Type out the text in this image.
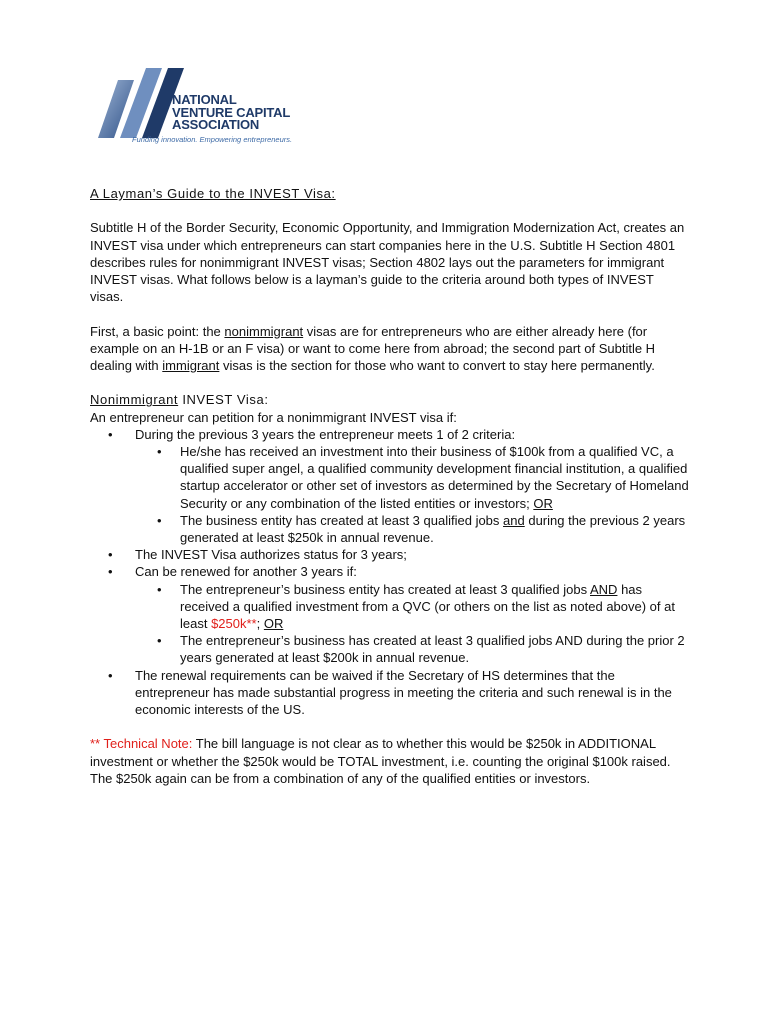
NATIONAL
VENTURE CAPITAL
ASSOCIATION
Funding innovation. Empowering entrepreneurs.

A Layman’s Guide to the INVEST Visa:

Subtitle H of the Border Security, Economic Opportunity, and Immigration Modernization Act, creates an INVEST visa under which entrepreneurs can start companies here in the U.S. Subtitle H Section 4801 describes rules for nonimmigrant INVEST visas; Section 4802 lays out the parameters for immigrant INVEST visas. What follows below is a layman’s guide to the criteria around both types of INVEST visas.

First, a basic point: the nonimmigrant visas are for entrepreneurs who are either already here (for example on an H-1B or an F visa) or want to come here from abroad; the second part of Subtitle H dealing with immigrant visas is the section for those who want to convert to stay here permanently.

Nonimmigrant INVEST Visa:
An entrepreneur can petition for a nonimmigrant INVEST visa if:
• During the previous 3 years the entrepreneur meets 1 of 2 criteria:
• He/she has received an investment into their business of $100k from a qualified VC, a qualified super angel, a qualified community development financial institution, a qualified startup accelerator or other set of investors as determined by the Secretary of Homeland Security or any combination of the listed entities or investors; OR
• The business entity has created at least 3 qualified jobs and during the previous 2 years generated at least $250k in annual revenue.
• The INVEST Visa authorizes status for 3 years;
• Can be renewed for another 3 years if:
• The entrepreneur’s business entity has created at least 3 qualified jobs AND has received a qualified investment from a QVC (or others on the list as noted above) of at least $250k**; OR
• The entrepreneur’s business has created at least 3 qualified jobs AND during the prior 2 years generated at least $200k in annual revenue.
• The renewal requirements can be waived if the Secretary of HS determines that the entrepreneur has made substantial progress in meeting the criteria and such renewal is in the economic interests of the US.

** Technical Note: The bill language is not clear as to whether this would be $250k in ADDITIONAL investment or whether the $250k would be TOTAL investment, i.e. counting the original $100k raised. The $250k again can be from a combination of any of the qualified entities or investors.
